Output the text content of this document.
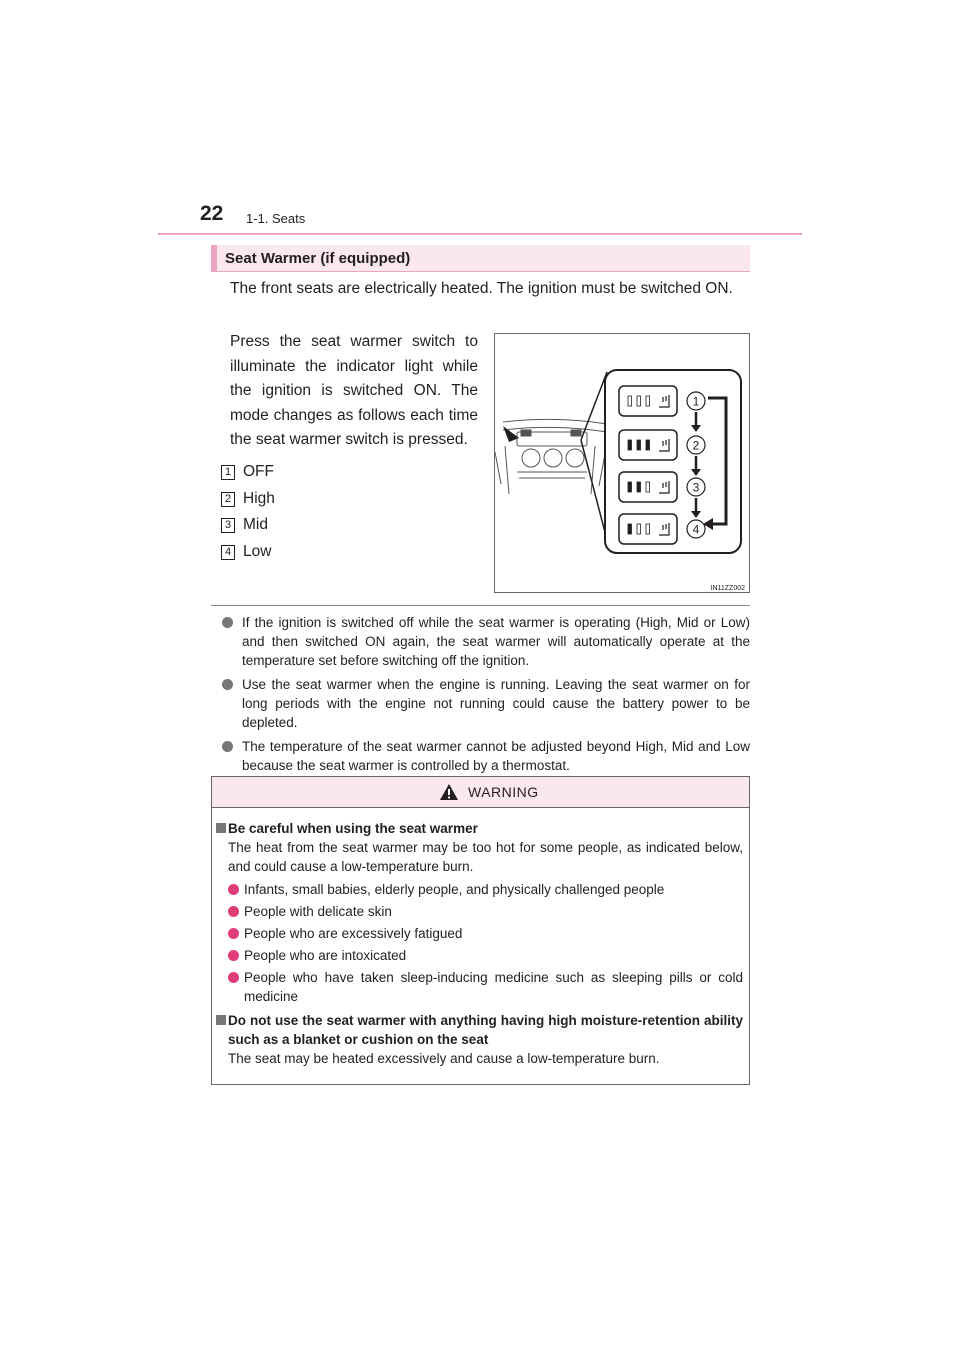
22 1-1. Seats
Seat Warmer (if equipped)
The front seats are electrically heated. The ignition must be switched ON.
Press the seat warmer switch to illuminate the indicator light while the ignition is switched ON. The mode changes as follows each time the seat warmer switch is pressed.
1 OFF
2 High
3 Mid
4 Low
1
2
3
4
IN11ZZ002
If the ignition is switched off while the seat warmer is operating (High, Mid or Low) and then switched ON again, the seat warmer will automatically operate at the temperature set before switching off the ignition.
Use the seat warmer when the engine is running. Leaving the seat warmer on for long periods with the engine not running could cause the battery power to be depleted.
The temperature of the seat warmer cannot be adjusted beyond High, Mid and Low because the seat warmer is controlled by a thermostat.
WARNING
Be careful when using the seat warmer
The heat from the seat warmer may be too hot for some people, as indicated below, and could cause a low-temperature burn.
Infants, small babies, elderly people, and physically challenged people
People with delicate skin
People who are excessively fatigued
People who are intoxicated
People who have taken sleep-inducing medicine such as sleeping pills or cold medicine
Do not use the seat warmer with anything having high moisture-retention ability such as a blanket or cushion on the seat
The seat may be heated excessively and cause a low-temperature burn.
